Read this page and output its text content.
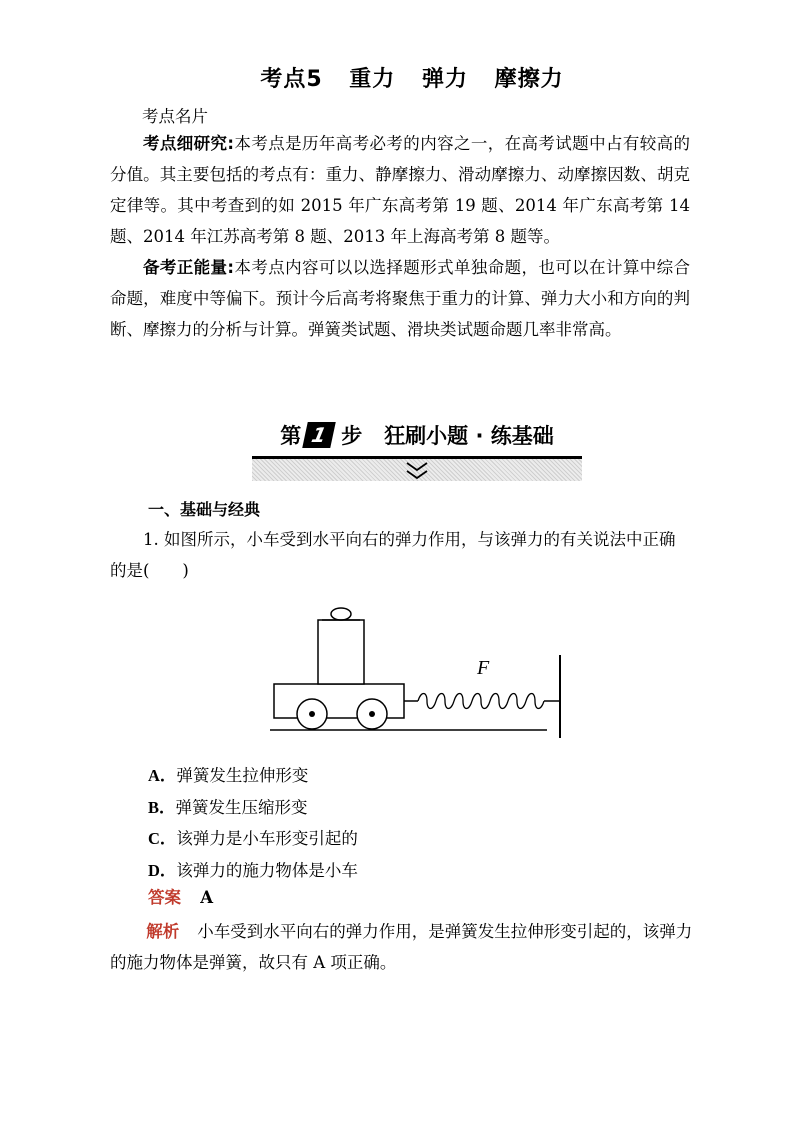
考点5 重力 弹力 摩擦力
考点名片

考点细研究:本考点是历年高考必考的内容之一，在高考试题中占有较高的分值。其主要包括的考点有：重力、静摩擦力、滑动摩擦力、动摩擦因数、胡克定律等。其中考查到的如 2015 年广东高考第 19 题、2014 年广东高考第 14 题、2014 年江苏高考第 8 题、2013 年上海高考第 8 题等。

备考正能量:本考点内容可以以选择题形式单独命题，也可以在计算中综合命题，难度中等偏下。预计今后高考将聚焦于重力的计算、弹力大小和方向的判断、摩擦力的分析与计算。弹簧类试题、滑块类试题命题几率非常高。

第 1 步 狂刷小题 · 练基础
一、基础与经典

1. 如图所示，小车受到水平向右的弹力作用，与该弹力的有关说法中正确的是(　　)

F
A．弹簧发生拉伸形变
B．弹簧发生压缩形变
C．该弹力是小车形变引起的
D．该弹力的施力物体是小车
答案 A

解析 小车受到水平向右的弹力作用，是弹簧发生拉伸形变引起的，该弹力的施力物体是弹簧，故只有 A 项正确。
